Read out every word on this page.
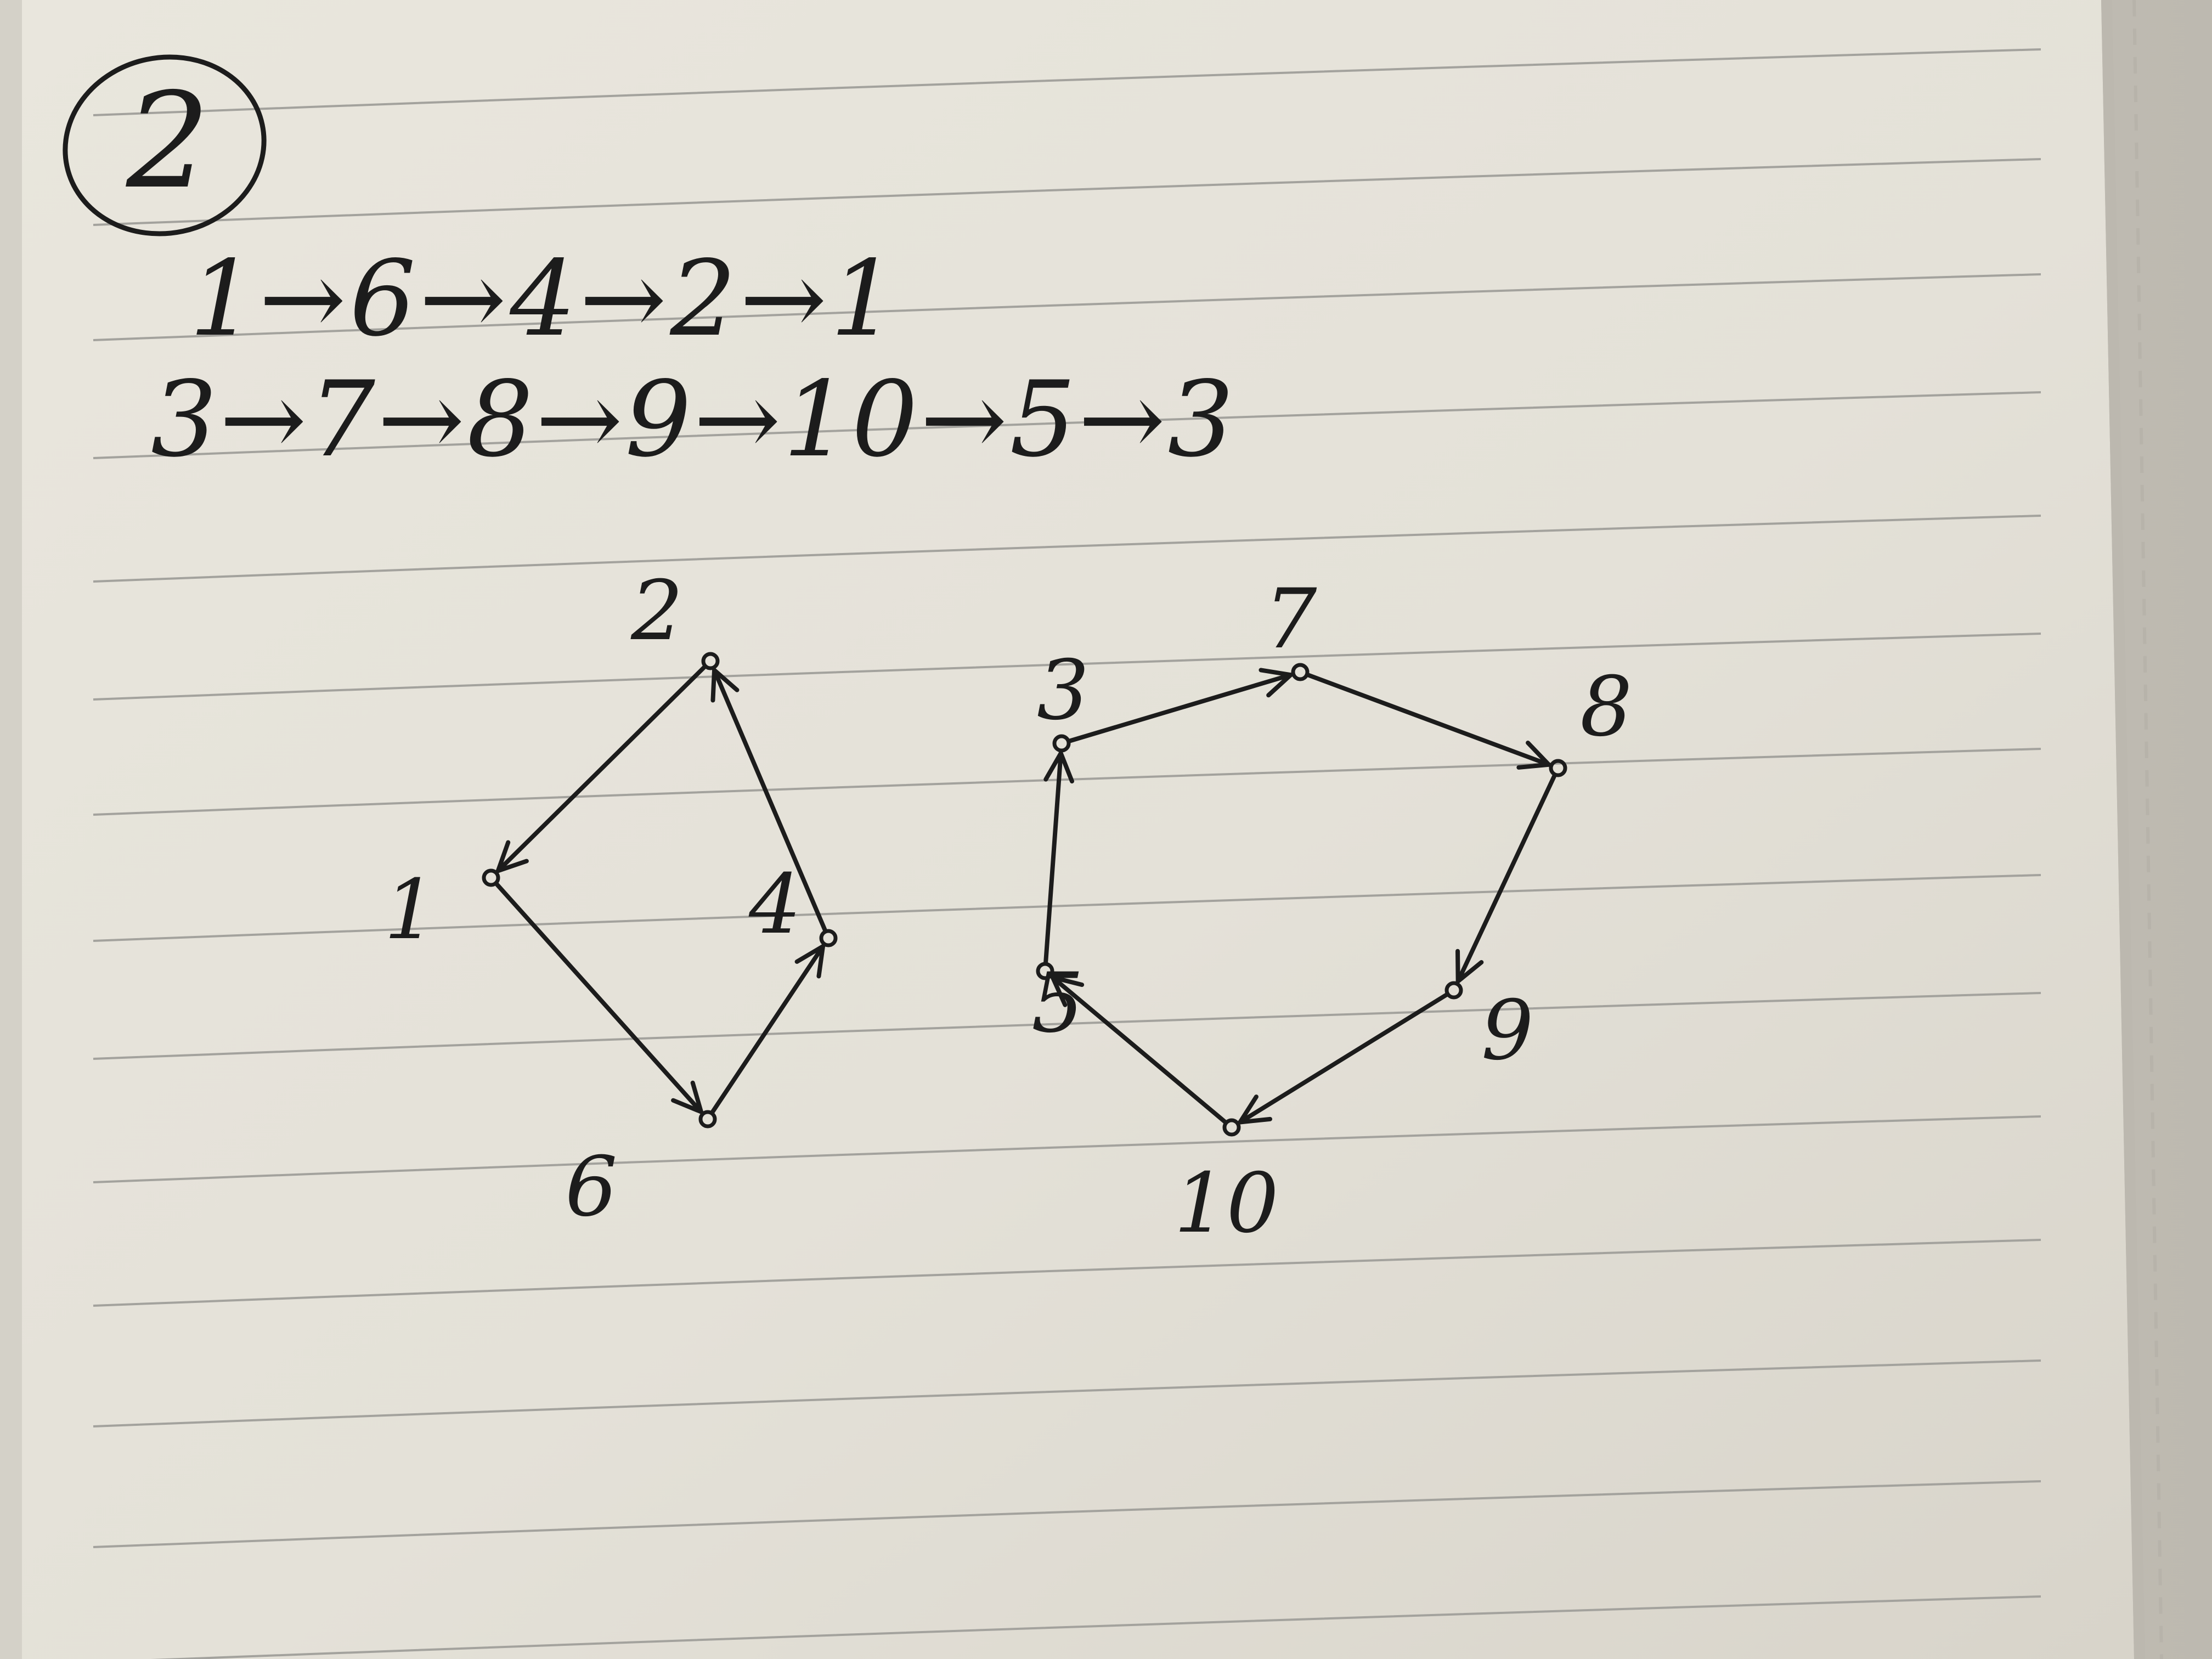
2
1→6→4→2→1
3→7→8→9→10→5→3
1
2
4
6
3
7
8
9
10
5
